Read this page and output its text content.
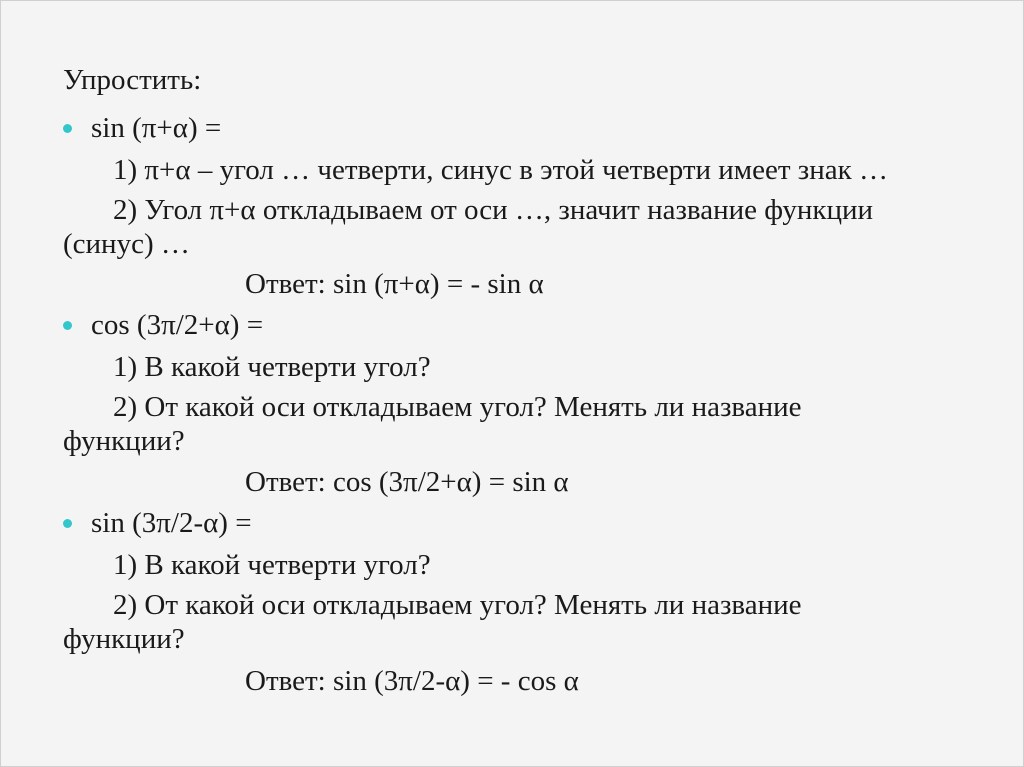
Упростить:
sin (π+α) =
1) π+α – угол … четверти, синус в этой четверти имеет знак …
2) Угол π+α откладываем от оси …, значит название функции
(синус) …
Ответ: sin (π+α) = - sin α
cos (3π/2+α) =
1) В какой четверти угол?
2) От какой оси откладываем угол? Менять ли название
функции?
Ответ: cos (3π/2+α) = sin α
sin (3π/2-α) =
1) В какой четверти угол?
2) От какой оси откладываем угол? Менять ли название
функции?
Ответ: sin (3π/2-α) = - cos α
